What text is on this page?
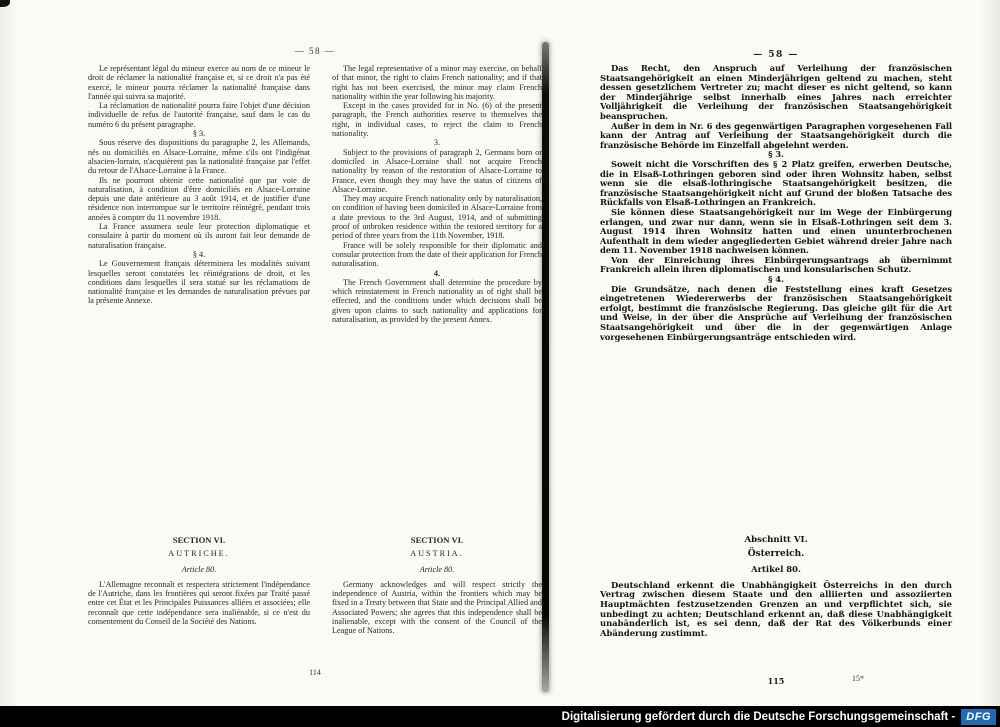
— 58 —	— 58 —

Le représentant légal du mineur exerce au nom de ce mineur le droit de réclamer la nationalité française et, si ce droit n'a pas été exercé, le mineur pourra réclamer la nationalité française dans l'année qui suivra sa majorité.

La réclamation de nationalité pourra faire l'objet d'une décision individuelle de refus de l'autorité française, sauf dans le cas du numéro 6 du présent paragraphe.

§ 3.

Sous réserve des dispositions du paragraphe 2, les Allemands, nés ou domiciliés en Alsace-Lorraine, même s'ils ont l'indigénat alsacien-lorrain, n'acquièrent pas la nationalité française par l'effet du retour de l'Alsace-Lorraine à la France.

Ils ne pourront obtenir cette nationalité que par voie de naturalisation, à condition d'être domiciliés en Alsace-Lorraine depuis une date antérieure au 3 août 1914, et de justifier d'une résidence non interrompue sur le territoire réintégré, pendant trois années à compter du 11 novembre 1918.

La France assumera seule leur protection diplomatique et consulaire à partir du moment où ils auront fait leur demande de naturalisation française.

§ 4.

Le Gouvernement français déterminera les modalités suivant lesquelles seront constatées les réintégrations de droit, et les conditions dans lesquelles il sera statué sur les réclamations de nationalité française et les demandes de naturalisation prévues par la présente Annexe.

The legal representative of a minor may exercise, on behalf of that minor, the right to claim French nationality; and if that right has not been exercised, the minor may claim French nationality within the year following his majority.

Except in the cases provided for in No. (6) of the present paragraph, the French authorities reserve to themselves the right, in individual cases, to reject the claim to French nationality.

3.

Subject to the provisions of paragraph 2, Germans born or domiciled in Alsace-Lorraine shall not acquire French nationality by reason of the restoration of Alsace-Lorraine to France, even though they may have the status of citizens of Alsace-Lorraine.

They may acquire French nationality only by naturalisation, on condition of having been domiciled in Alsace-Lorraine from a date previous to the 3rd August, 1914, and of submitting proof of unbroken residence within the restored territory for a period of three years from the 11th November, 1918.

France will be solely responsible for their diplomatic and consular protection from the date of their application for French naturalisation.

4.

The French Government shall determine the procedure by which reinstatement in French nationality as of right shall be effected, and the conditions under which decisions shall be given upon claims to such nationality and applications for naturalisation, as provided by the present Annex.

Das Recht, den Anspruch auf Verleihung der französischen Staatsangehörigkeit an einen Minderjährigen geltend zu machen, steht dessen gesetzlichem Vertreter zu; macht dieser es nicht geltend, so kann der Minderjährige selbst innerhalb eines Jahres nach erreichter Volljährigkeit die Verleihung der französischen Staatsangehörigkeit beanspruchen.

Außer in dem in Nr. 6 des gegenwärtigen Paragraphen vorgesehenen Fall kann der Antrag auf Verleihung der Staatsangehörigkeit durch die französische Behörde im Einzelfall abgelehnt werden.

§ 3.

Soweit nicht die Vorschriften des § 2 Platz greifen, erwerben Deutsche, die in Elsaß-Lothringen geboren sind oder ihren Wohnsitz haben, selbst wenn sie die elsaß-lothringische Staatsangehörigkeit besitzen, die französische Staatsangehörigkeit nicht auf Grund der bloßen Tatsache des Rückfalls von Elsaß-Lothringen an Frankreich.

Sie können diese Staatsangehörigkeit nur im Wege der Einbürgerung erlangen, und zwar nur dann, wenn sie in Elsaß-Lothringen seit dem 3. August 1914 ihren Wohnsitz hatten und einen ununterbrochenen Aufenthalt in dem wieder angegliederten Gebiet während dreier Jahre nach dem 11. November 1918 nachweisen können.

Von der Einreichung ihres Einbürgerungsantrags ab übernimmt Frankreich allein ihren diplomatischen und konsularischen Schutz.

§ 4.

Die Grundsätze, nach denen die Feststellung eines kraft Gesetzes eingetretenen Wiedererwerbs der französischen Staatsangehörigkeit erfolgt, bestimmt die französische Regierung. Das gleiche gilt für die Art und Weise, in der über die Ansprüche auf Verleihung der französischen Staatsangehörigkeit und über die in der gegenwärtigen Anlage vorgesehenen Einbürgerungsanträge entschieden wird.

SECTION VI.

AUTRICHE.

Article 80.

L'Allemagne reconnaît et respectera strictement l'indépendance de l'Autriche, dans les frontières qui seront fixées par Traité passé entre cet État et les Principales Puissances alliées et associées; elle reconnaît que cette indépendance sera inaliénable, si ce n'est du consentement du Conseil de la Société des Nations.

SECTION VI.

AUSTRIA.

Article 80.

Germany acknowledges and will respect strictly the independence of Austria, within the frontiers which may be fixed in a Treaty between that State and the Principal Allied and Associated Powers; she agrees that this independence shall be inalienable, except with the consent of the Council of the League of Nations.

Abschnitt VI.

Österreich.

Artikel 80.

Deutschland erkennt die Unabhängigkeit Österreichs in den durch Vertrag zwischen diesem Staate und den alliierten und assoziierten Hauptmächten festzusetzenden Grenzen an und verpflichtet sich, sie unbedingt zu achten; Deutschland erkennt an, daß diese Unabhängigkeit unabänderlich ist, es sei denn, daß der Rat des Völkerbunds einer Abänderung zustimmt.

114
115	15*
Digitalisierung gefördert durch die Deutsche Forschungsgemeinschaft -	DFG
